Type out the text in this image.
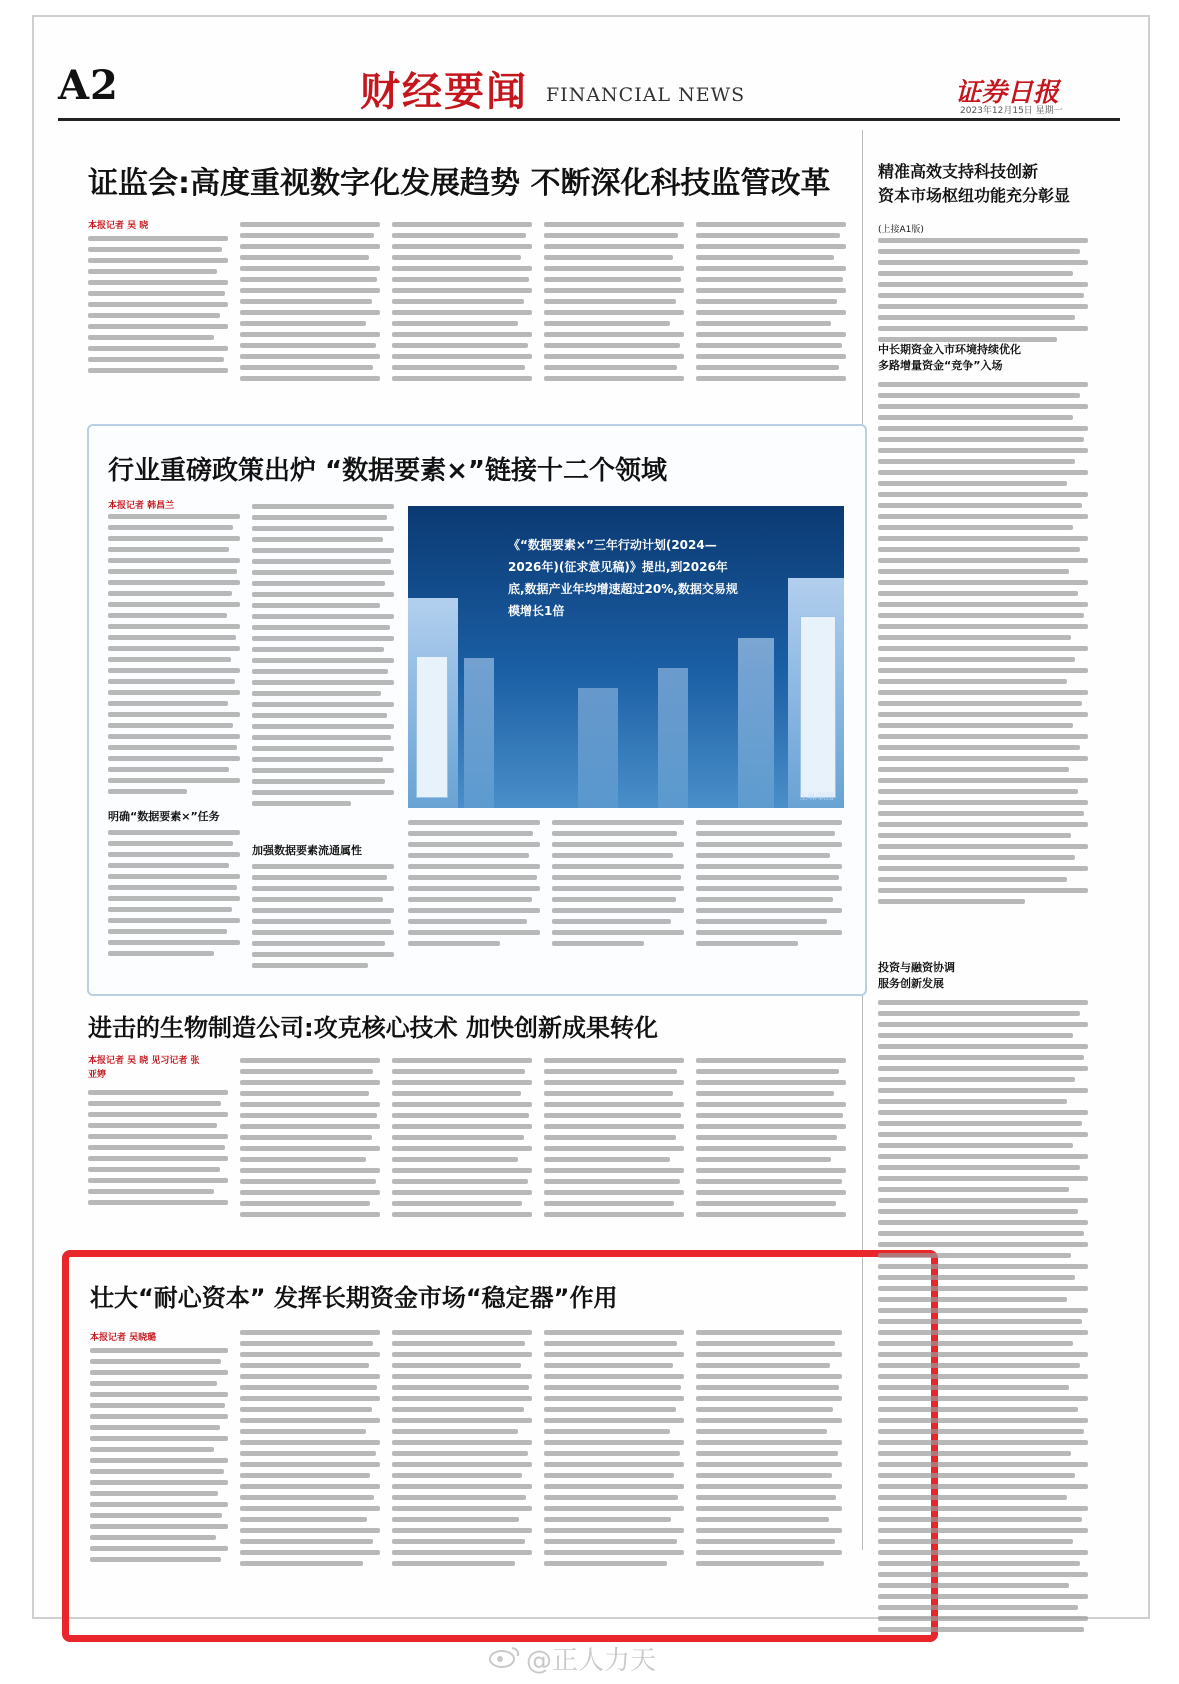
A2	财经要闻 FINANCIAL NEWS	证券日报
2023年12月15日 星期一
证监会:高度重视数字化发展趋势 不断深化科技监管改革
本报记者 吴 晓
行业重磅政策出炉 “数据要素×”链接十二个领域
本报记者 韩昌兰
明确“数据要素×”任务
加强数据要素流通属性
《“数据要素×”三年行动计划(2024—2026年)(征求意见稿)》提出,到2026年底,数据产业年均增速超过20%,数据交易规模增长1倍
王琳/制图
进击的生物制造公司:攻克核心技术 加快创新成果转化
本报记者 吴 晓 见习记者 张亚婷
壮大“耐心资本” 发挥长期资金市场“稳定器”作用
本报记者 吴晓璐
精准高效支持科技创新
资本市场枢纽功能充分彰显
(上接A1版)
中长期资金入市环境持续优化
多路增量资金“竞争”入场
投资与融资协调
服务创新发展
@正人力天
